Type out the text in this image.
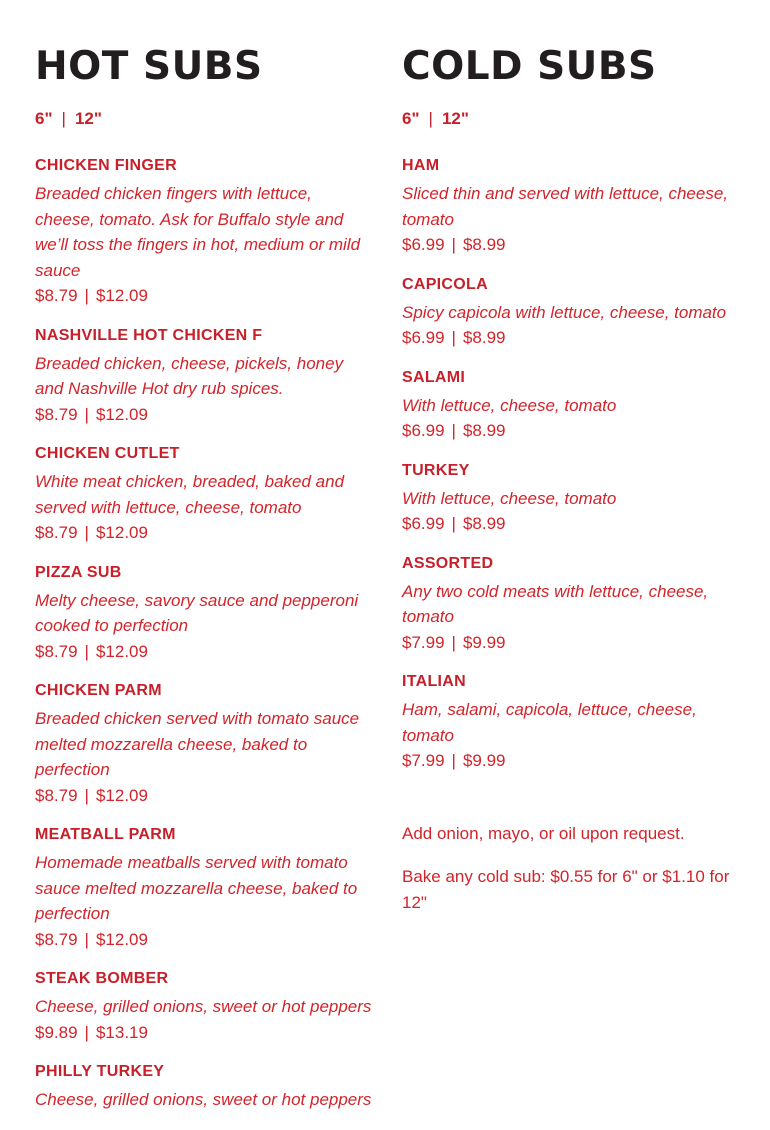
HOT SUBS
6" | 12"
CHICKEN FINGER
Breaded chicken fingers with lettuce, cheese, tomato. Ask for Buffalo style and we’ll toss the fingers in hot, medium or mild sauce
$8.79 | $12.09
NASHVILLE HOT CHICKEN F
Breaded chicken, cheese, pickels, honey and Nashville Hot dry rub spices.
$8.79 | $12.09
CHICKEN CUTLET
White meat chicken, breaded, baked and served with lettuce, cheese, tomato
$8.79 | $12.09
PIZZA SUB
Melty cheese, savory sauce and pepperoni cooked to perfection
$8.79 | $12.09
CHICKEN PARM
Breaded chicken served with tomato sauce melted mozzarella cheese, baked to perfection
$8.79 | $12.09
MEATBALL PARM
Homemade meatballs served with tomato sauce melted mozzarella cheese, baked to perfection
$8.79 | $12.09
STEAK BOMBER
Cheese, grilled onions, sweet or hot peppers
$9.89 | $13.19
PHILLY TURKEY
Cheese, grilled onions, sweet or hot peppers
COLD SUBS
6" | 12"
HAM
Sliced thin and served with lettuce, cheese, tomato
$6.99 | $8.99
CAPICOLA
Spicy capicola with lettuce, cheese, tomato
$6.99 | $8.99
SALAMI
With lettuce, cheese, tomato
$6.99 | $8.99
TURKEY
With lettuce, cheese, tomato
$6.99 | $8.99
ASSORTED
Any two cold meats with lettuce, cheese, tomato
$7.99 | $9.99
ITALIAN
Ham, salami, capicola, lettuce, cheese, tomato
$7.99 | $9.99

Add onion, mayo, or oil upon request.

Bake any cold sub: $0.55 for 6" or $1.10 for 12"
